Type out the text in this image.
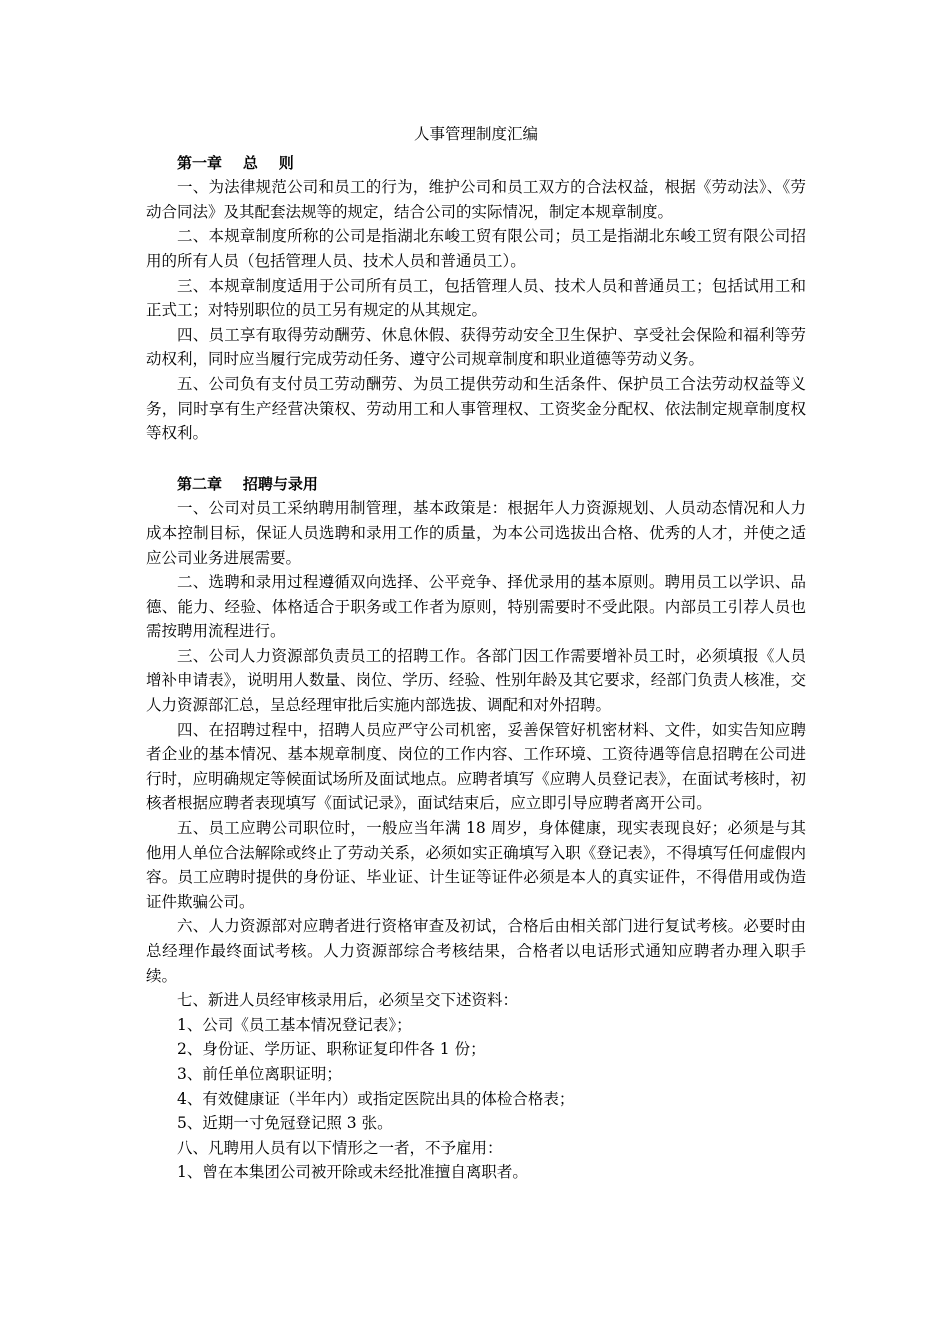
人事管理制度汇编
第一章    总    则

一、为法律规范公司和员工的行为，维护公司和员工双方的合法权益，根据《劳动法》、《劳动合同法》及其配套法规等的规定，结合公司的实际情况，制定本规章制度。

二、本规章制度所称的公司是指湖北东峻工贸有限公司；员工是指湖北东峻工贸有限公司招用的所有人员（包括管理人员、技术人员和普通员工）。

三、本规章制度适用于公司所有员工，包括管理人员、技术人员和普通员工；包括试用工和正式工；对特别职位的员工另有规定的从其规定。

四、员工享有取得劳动酬劳、休息休假、获得劳动安全卫生保护、享受社会保险和福利等劳动权利，同时应当履行完成劳动任务、遵守公司规章制度和职业道德等劳动义务。

五、公司负有支付员工劳动酬劳、为员工提供劳动和生活条件、保护员工合法劳动权益等义务，同时享有生产经营决策权、劳动用工和人事管理权、工资奖金分配权、依法制定规章制度权等权利。

第二章    招聘与录用

一、公司对员工采纳聘用制管理，基本政策是：根据年人力资源规划、人员动态情况和人力成本控制目标，保证人员选聘和录用工作的质量，为本公司选拔出合格、优秀的人才，并使之适应公司业务进展需要。

二、选聘和录用过程遵循双向选择、公平竞争、择优录用的基本原则。聘用员工以学识、品德、能力、经验、体格适合于职务或工作者为原则，特别需要时不受此限。内部员工引荐人员也需按聘用流程进行。

三、公司人力资源部负责员工的招聘工作。各部门因工作需要增补员工时，必须填报《人员增补申请表》，说明用人数量、岗位、学历、经验、性别年龄及其它要求，经部门负责人核准，交人力资源部汇总，呈总经理审批后实施内部选拔、调配和对外招聘。

四、在招聘过程中，招聘人员应严守公司机密，妥善保管好机密材料、文件，如实告知应聘者企业的基本情况、基本规章制度、岗位的工作内容、工作环境、工资待遇等信息招聘在公司进行时，应明确规定等候面试场所及面试地点。应聘者填写《应聘人员登记表》，在面试考核时，初核者根据应聘者表现填写《面试记录》，面试结束后，应立即引导应聘者离开公司。

五、员工应聘公司职位时，一般应当年满 18 周岁，身体健康，现实表现良好；必须是与其他用人单位合法解除或终止了劳动关系，必须如实正确填写入职《登记表》，不得填写任何虚假内容。员工应聘时提供的身份证、毕业证、计生证等证件必须是本人的真实证件，不得借用或伪造证件欺骗公司。

六、人力资源部对应聘者进行资格审查及初试，合格后由相关部门进行复试考核。必要时由总经理作最终面试考核。人力资源部综合考核结果，合格者以电话形式通知应聘者办理入职手续。

七、新进人员经审核录用后，必须呈交下述资料：

1、公司《员工基本情况登记表》；

2、身份证、学历证、职称证复印件各 1 份；

3、前任单位离职证明；

4、有效健康证（半年内）或指定医院出具的体检合格表；

5、近期一寸免冠登记照 3 张。

八、凡聘用人员有以下情形之一者，不予雇用：

1、曾在本集团公司被开除或未经批准擅自离职者。
